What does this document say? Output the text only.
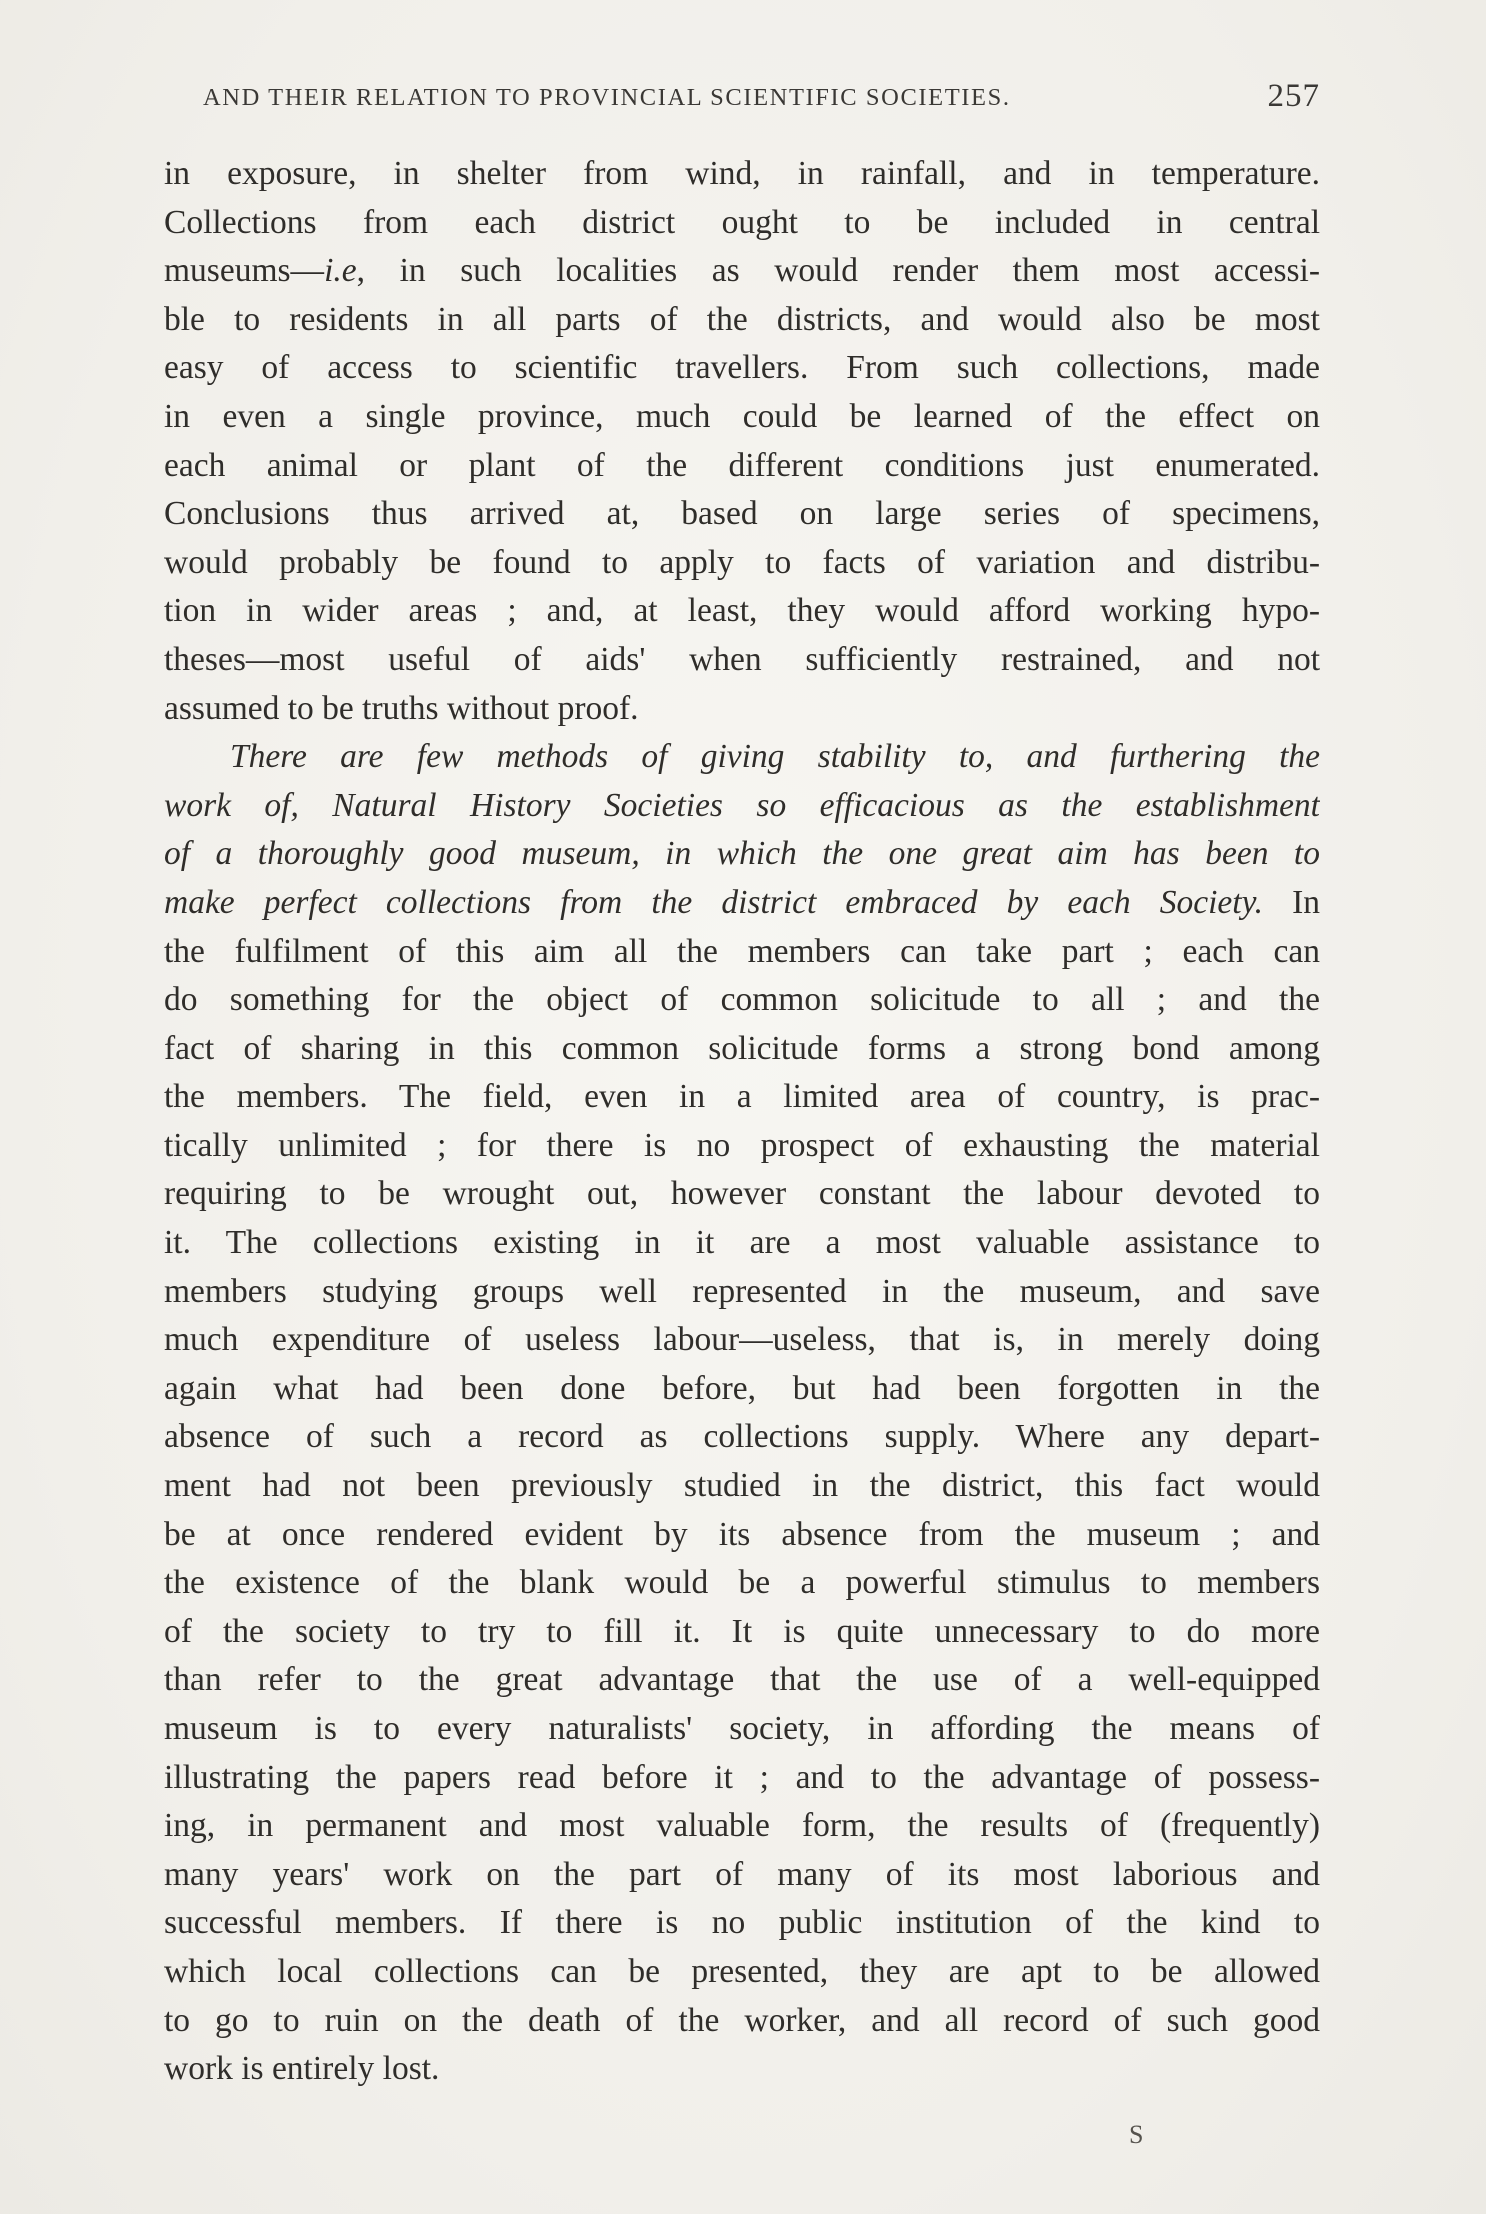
AND THEIR RELATION TO PROVINCIAL SCIENTIFIC SOCIETIES.	257
in exposure, in shelter from wind, in rainfall, and in temperature.
Collections from each district ought to be included in central
museums—i.e, in such localities as would render them most accessi-
ble to residents in all parts of the districts, and would also be most
easy of access to scientific travellers. From such collections, made
in even a single province, much could be learned of the effect on
each animal or plant of the different conditions just enumerated.
Conclusions thus arrived at, based on large series of specimens,
would probably be found to apply to facts of variation and distribu-
tion in wider areas ; and, at least, they would afford working hypo-
theses—most useful of aids' when sufficiently restrained, and not
assumed to be truths without proof.
There are few methods of giving stability to, and furthering the
work of, Natural History Societies so efficacious as the establishment
of a thoroughly good museum, in which the one great aim has been to
make perfect collections from the district embraced by each Society. In
the fulfilment of this aim all the members can take part ; each can
do something for the object of common solicitude to all ; and the
fact of sharing in this common solicitude forms a strong bond among
the members. The field, even in a limited area of country, is prac-
tically unlimited ; for there is no prospect of exhausting the material
requiring to be wrought out, however constant the labour devoted to
it. The collections existing in it are a most valuable assistance to
members studying groups well represented in the museum, and save
much expenditure of useless labour—useless, that is, in merely doing
again what had been done before, but had been forgotten in the
absence of such a record as collections supply. Where any depart-
ment had not been previously studied in the district, this fact would
be at once rendered evident by its absence from the museum ; and
the existence of the blank would be a powerful stimulus to members
of the society to try to fill it. It is quite unnecessary to do more
than refer to the great advantage that the use of a well-equipped
museum is to every naturalists' society, in affording the means of
illustrating the papers read before it ; and to the advantage of possess-
ing, in permanent and most valuable form, the results of (frequently)
many years' work on the part of many of its most laborious and
successful members. If there is no public institution of the kind to
which local collections can be presented, they are apt to be allowed
to go to ruin on the death of the worker, and all record of such good
work is entirely lost.
S
